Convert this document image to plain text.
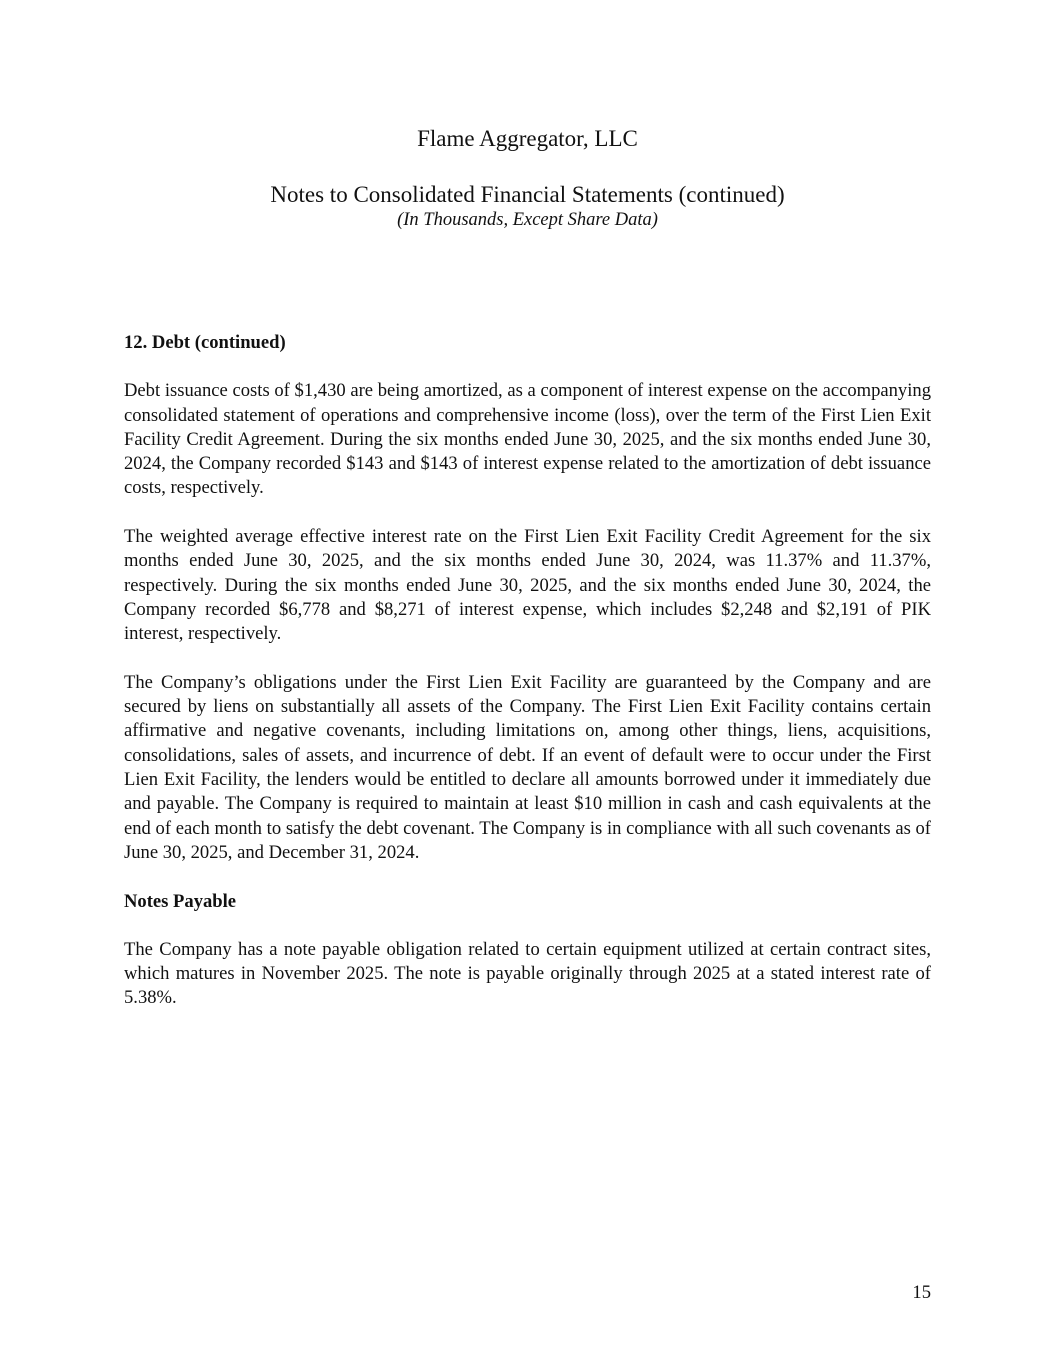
Flame Aggregator, LLC
Notes to Consolidated Financial Statements (continued)
(In Thousands, Except Share Data)
12. Debt (continued)

Debt issuance costs of $1,430 are being amortized, as a component of interest expense on the accompanying consolidated statement of operations and comprehensive income (loss), over the term of the First Lien Exit Facility Credit Agreement. During the six months ended June 30, 2025, and the six months ended June 30, 2024, the Company recorded $143 and $143 of interest expense related to the amortization of debt issuance costs, respectively.

The weighted average effective interest rate on the First Lien Exit Facility Credit Agreement for the six months ended June 30, 2025, and the six months ended June 30, 2024, was 11.37% and 11.37%, respectively. During the six months ended June 30, 2025, and the six months ended June 30, 2024, the Company recorded $6,778 and $8,271 of interest expense, which includes $2,248 and $2,191 of PIK interest, respectively.

The Company’s obligations under the First Lien Exit Facility are guaranteed by the Company and are secured by liens on substantially all assets of the Company. The First Lien Exit Facility contains certain affirmative and negative covenants, including limitations on, among other things, liens, acquisitions, consolidations, sales of assets, and incurrence of debt. If an event of default were to occur under the First Lien Exit Facility, the lenders would be entitled to declare all amounts borrowed under it immediately due and payable. The Company is required to maintain at least $10 million in cash and cash equivalents at the end of each month to satisfy the debt covenant. The Company is in compliance with all such covenants as of June 30, 2025, and December 31, 2024.

Notes Payable

The Company has a note payable obligation related to certain equipment utilized at certain contract sites, which matures in November 2025. The note is payable originally through 2025 at a stated interest rate of 5.38%.

15
